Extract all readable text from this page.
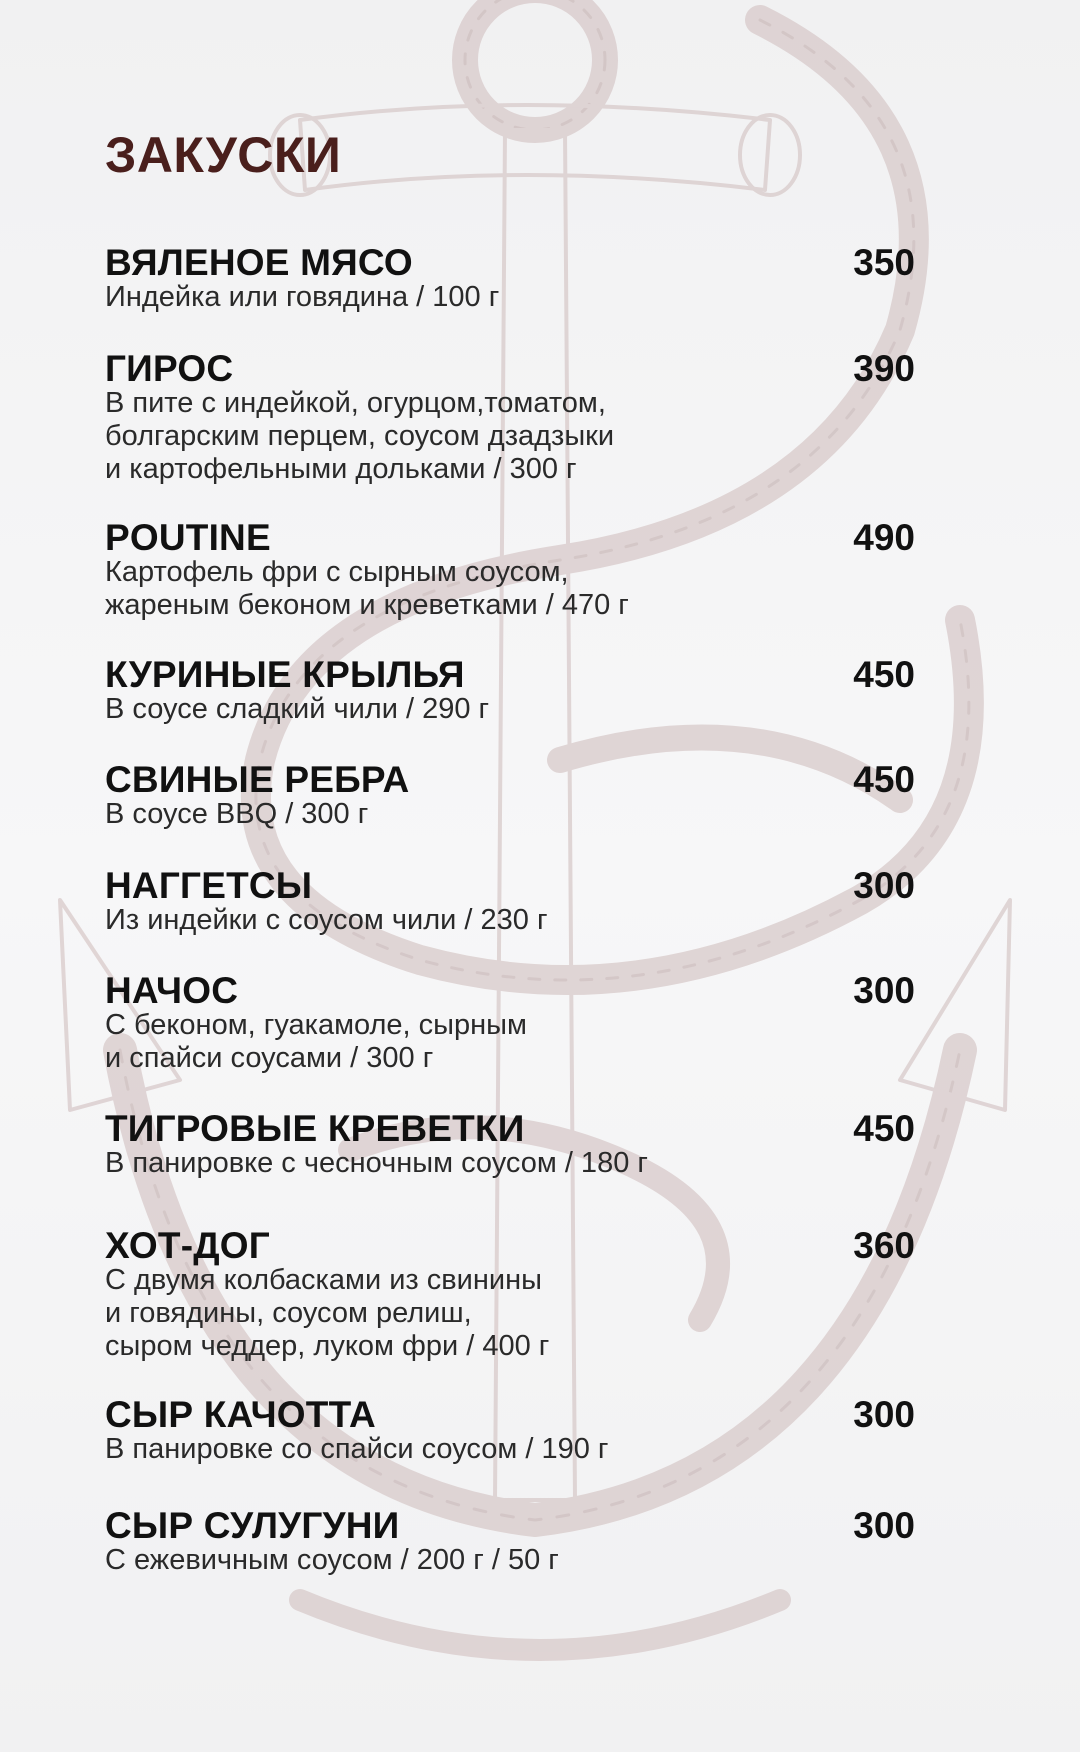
ЗАКУСКИ
ВЯЛЕНОЕ МЯСО	350
Индейка или говядина / 100 г
ГИРОС	390
В пите с индейкой, огурцом,томатом,
болгарским перцем, соусом дзадзыки
и картофельными дольками / 300 г
POUTINE	490
Картофель фри с сырным соусом,
жареным беконом и креветками / 470 г
КУРИНЫЕ КРЫЛЬЯ	450
В соусе сладкий чили / 290 г
СВИНЫЕ РЕБРА	450
В соусе BBQ / 300 г
НАГГЕТСЫ	300
Из индейки с соусом чили / 230 г
НАЧОС	300
С беконом, гуакамоле, сырным
и спайси соусами / 300 г
ТИГРОВЫЕ КРЕВЕТКИ	450
В панировке с чесночным соусом / 180 г
ХОТ-ДОГ	360
С двумя колбасками из свинины
и говядины, соусом релиш,
сыром чеддер, луком фри / 400 г
СЫР КАЧОТТА	300
В панировке со спайси соусом / 190 г
СЫР СУЛУГУНИ	300
С ежевичным соусом / 200 г / 50 г
